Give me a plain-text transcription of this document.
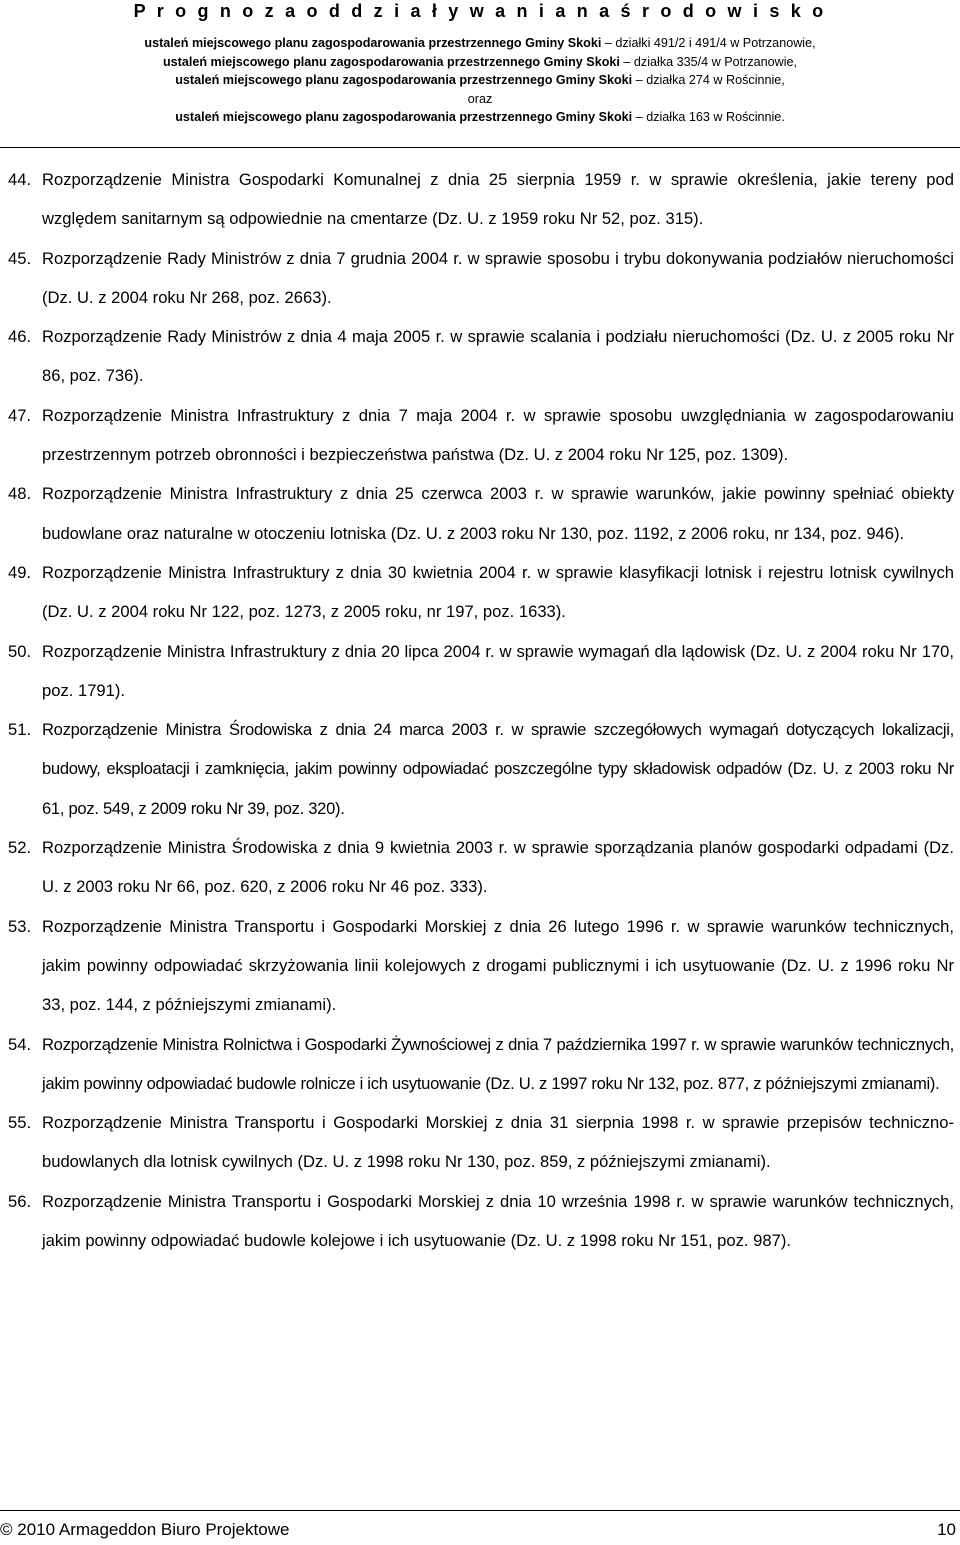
P r o g n o z a o d d z i a ł y w a n i a n a ś r o d o w i s k o
ustaleń miejscowego planu zagospodarowania przestrzennego Gminy Skoki – działki 491/2 i 491/4 w Potrzanowie,
ustaleń miejscowego planu zagospodarowania przestrzennego Gminy Skoki – działka 335/4 w Potrzanowie,
ustaleń miejscowego planu zagospodarowania przestrzennego Gminy Skoki – działka 274 w Rościnnie,
oraz
ustaleń miejscowego planu zagospodarowania przestrzennego Gminy Skoki – działka 163 w Rościnnie.
44. Rozporządzenie Ministra Gospodarki Komunalnej z dnia 25 sierpnia 1959 r. w sprawie określenia, jakie tereny pod względem sanitarnym są odpowiednie na cmentarze (Dz. U. z 1959 roku Nr 52, poz. 315).
45. Rozporządzenie Rady Ministrów z dnia 7 grudnia 2004 r. w sprawie sposobu i trybu dokonywania podziałów nieruchomości (Dz. U. z 2004 roku Nr 268, poz. 2663).
46. Rozporządzenie Rady Ministrów z dnia 4 maja 2005 r. w sprawie scalania i podziału nieruchomości (Dz. U. z 2005 roku Nr 86, poz. 736).
47. Rozporządzenie Ministra Infrastruktury z dnia 7 maja 2004 r. w sprawie sposobu uwzględniania w zagospodarowaniu przestrzennym potrzeb obronności i bezpieczeństwa państwa (Dz. U. z 2004 roku Nr 125, poz. 1309).
48. Rozporządzenie Ministra Infrastruktury z dnia 25 czerwca 2003 r. w sprawie warunków, jakie powinny spełniać obiekty budowlane oraz naturalne w otoczeniu lotniska (Dz. U. z 2003 roku Nr 130, poz. 1192, z 2006 roku, nr 134, poz. 946).
49. Rozporządzenie Ministra Infrastruktury z dnia 30 kwietnia 2004 r. w sprawie klasyfikacji lotnisk i rejestru lotnisk cywilnych (Dz. U. z 2004 roku Nr 122, poz. 1273, z 2005 roku, nr 197, poz. 1633).
50. Rozporządzenie Ministra Infrastruktury z dnia 20 lipca 2004 r. w sprawie wymagań dla lądowisk (Dz. U. z 2004 roku Nr 170, poz. 1791).
51. Rozporządzenie Ministra Środowiska z dnia 24 marca 2003 r. w sprawie szczegółowych wymagań dotyczących lokalizacji, budowy, eksploatacji i zamknięcia, jakim powinny odpowiadać poszczególne typy składowisk odpadów (Dz. U. z 2003 roku Nr 61, poz. 549, z 2009 roku Nr 39, poz. 320).
52. Rozporządzenie Ministra Środowiska z dnia 9 kwietnia 2003 r. w sprawie sporządzania planów gospodarki odpadami (Dz. U. z 2003 roku Nr 66, poz. 620, z 2006 roku Nr 46 poz. 333).
53. Rozporządzenie Ministra Transportu i Gospodarki Morskiej z dnia 26 lutego 1996 r. w sprawie warunków technicznych, jakim powinny odpowiadać skrzyżowania linii kolejowych z drogami publicznymi i ich usytuowanie (Dz. U. z 1996 roku Nr 33, poz. 144, z późniejszymi zmianami).
54. Rozporządzenie Ministra Rolnictwa i Gospodarki Żywnościowej z dnia 7 października 1997 r. w sprawie warunków technicznych, jakim powinny odpowiadać budowle rolnicze i ich usytuowanie (Dz. U. z 1997 roku Nr 132, poz. 877, z późniejszymi zmianami).
55. Rozporządzenie Ministra Transportu i Gospodarki Morskiej z dnia 31 sierpnia 1998 r. w sprawie przepisów techniczno-budowlanych dla lotnisk cywilnych (Dz. U. z 1998 roku Nr 130, poz. 859, z późniejszymi zmianami).
56. Rozporządzenie Ministra Transportu i Gospodarki Morskiej z dnia 10 września 1998 r. w sprawie warunków technicznych, jakim powinny odpowiadać budowle kolejowe i ich usytuowanie (Dz. U. z 1998 roku Nr 151, poz. 987).
© 2010 Armageddon Biuro Projektowe	10
